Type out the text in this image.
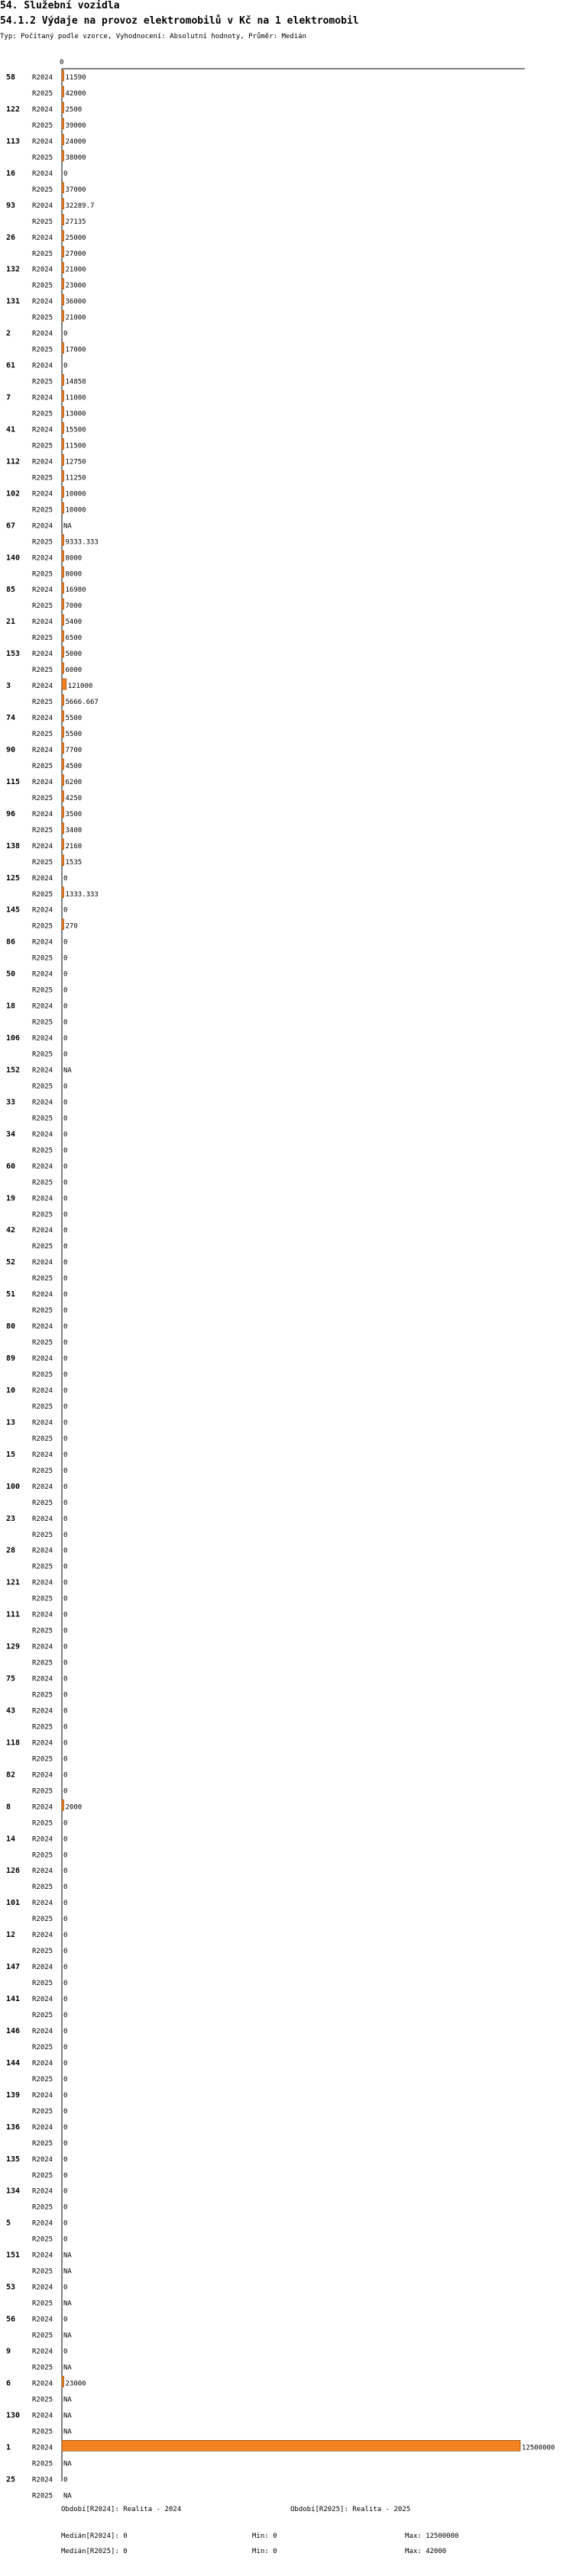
54. Služební vozidla
54.1.2 Výdaje na provoz elektromobilů v Kč na 1 elektromobil
Typ: Počítaný podle vzorce, Vyhodnocení: Absolutní hodnoty, Průměr: Medián
0
58 R2024 11590
R2025 42000
122 R2024 2500
R2025 39000
113 R2024 24000
R2025 38000
16 R2024 0
R2025 37000
93 R2024 32289.7
R2025 27135
26 R2024 25000
R2025 27000
132 R2024 21000
R2025 23000
131 R2024 36000
R2025 21000
2	R2024 0
R2025 17000
61 R2024 0
R2025 14858
7	R2024 11000
R2025 13000
41 R2024 15500
R2025 11500
112 R2024 12750
R2025 11250
102 R2024 10000
R2025 10000
67 R2024 NA
R2025 9333.333
140 R2024 8000
R2025 8000
85 R2024 16980
R2025 7000
21 R2024 5400
R2025 6500
153 R2024 5000
R2025 6000
3	R2024 121000
R2025 5666.667
74 R2024 5500
R2025 5500
90 R2024 7700
R2025 4500
115 R2024 6200
R2025 4250
96 R2024 3500
R2025 3400
138 R2024 2160
R2025 1535
125 R2024 0
R2025 1333.333
145 R2024 0
R2025 270
86 R2024 0
R2025 0
50 R2024 0
R2025 0
18 R2024 0
R2025 0
106 R2024 0
R2025 0
152 R2024 NA
R2025 0
33 R2024 0
R2025 0
34 R2024 0
R2025 0
60 R2024 0
R2025 0
19 R2024 0
R2025 0
42 R2024 0
R2025 0
52 R2024 0
R2025 0
51 R2024 0
R2025 0
80 R2024 0
R2025 0
89 R2024 0
R2025 0
10 R2024 0
R2025 0
13 R2024 0
R2025 0
15 R2024 0
R2025 0
100 R2024 0
R2025 0
23 R2024 0
R2025 0
28 R2024 0
R2025 0
121 R2024 0
R2025 0
111 R2024 0
R2025 0
129 R2024 0
R2025 0
75 R2024 0
R2025 0
43 R2024 0
R2025 0
118 R2024 0
R2025 0
82 R2024 0
R2025 0
8	R2024 2000
R2025 0
14 R2024 0
R2025 0
126 R2024 0
R2025 0
101 R2024 0
R2025 0
12 R2024 0
R2025 0
147 R2024 0
R2025 0
141 R2024 0
R2025 0
146 R2024 0
R2025 0
144 R2024 0
R2025 0
139 R2024 0
R2025 0
136 R2024 0
R2025 0
135 R2024 0
R2025 0
134 R2024 0
R2025 0
5	R2024 0
R2025 0
151 R2024 NA
R2025 NA
53 R2024 0
R2025 NA
56 R2024 0
R2025 NA
9	R2024 0
R2025 NA
6	R2024 23000
R2025 NA
130 R2024 NA
R2025 NA
1	R2024	12500000
R2025 NA
25 R2024 0
R2025 NA
Období[R2024]: Realita - 2024	Období[R2025]: Realita - 2025
Medián[R2024]: 0	Min: 0	Max: 12500000
Medián[R2025]: 0	Min: 0	Max: 42000
